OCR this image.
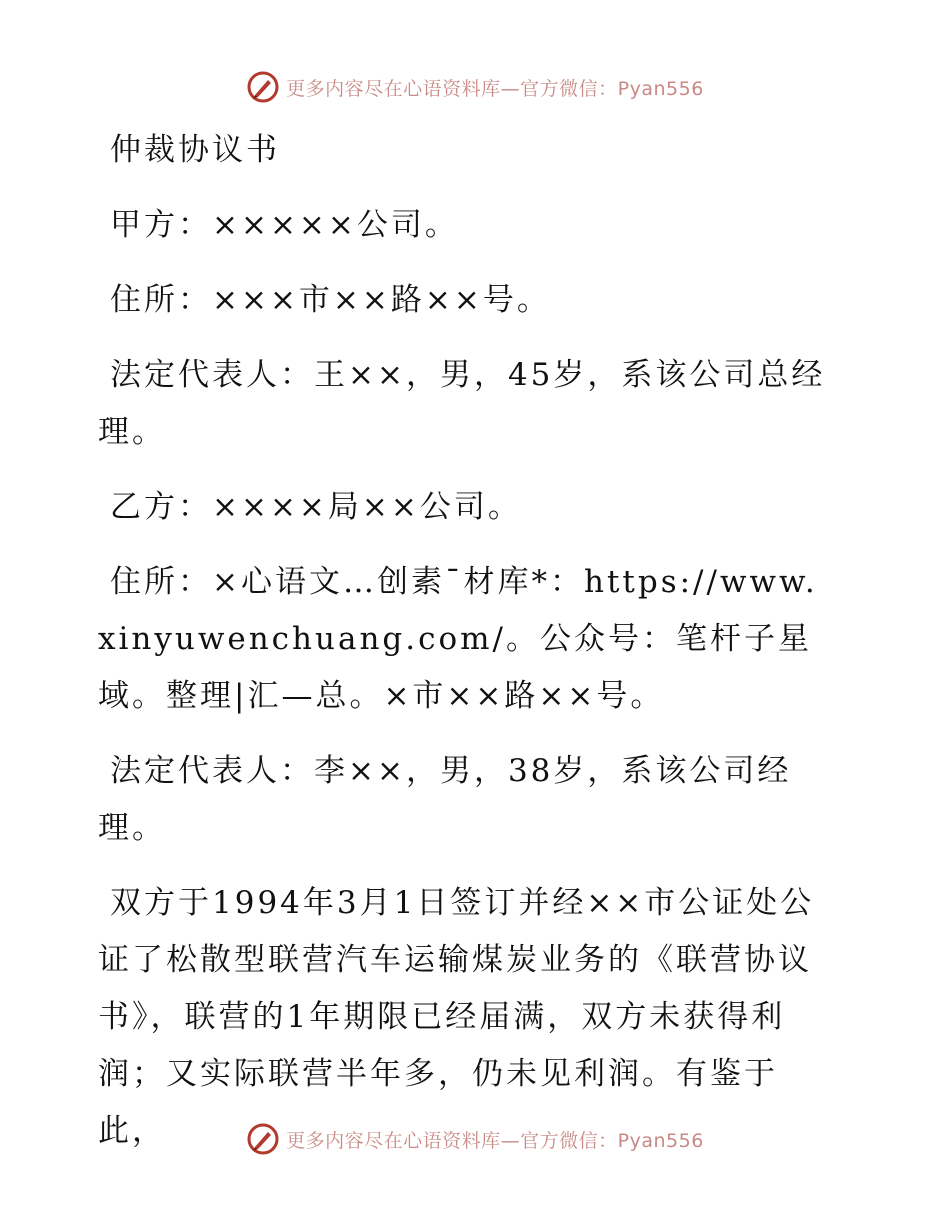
更多内容尽在心语资料库—官方微信：Pyan556
仲裁协议书
甲方：×××××公司。
住所：×××市××路××号。
法定代表人：王××，男，45岁，系该公司总经理。
乙方：××××局××公司。
住所：×心语文…创素¯材库*：https://www.xinyuwenchuang.com/。公众号：笔杆子星域。整理|汇—总。×市××路××号。
法定代表人：李××，男，38岁，系该公司经理。
双方于1994年3月1日签订并经××市公证处公证了松散型联营汽车运输煤炭业务的《联营协议书》，联营的1年期限已经届满，双方未获得利润；又实际联营半年多，仍未见利润。有鉴于此，	更多内容尽在心语资料库—官方微信：Pyan556
